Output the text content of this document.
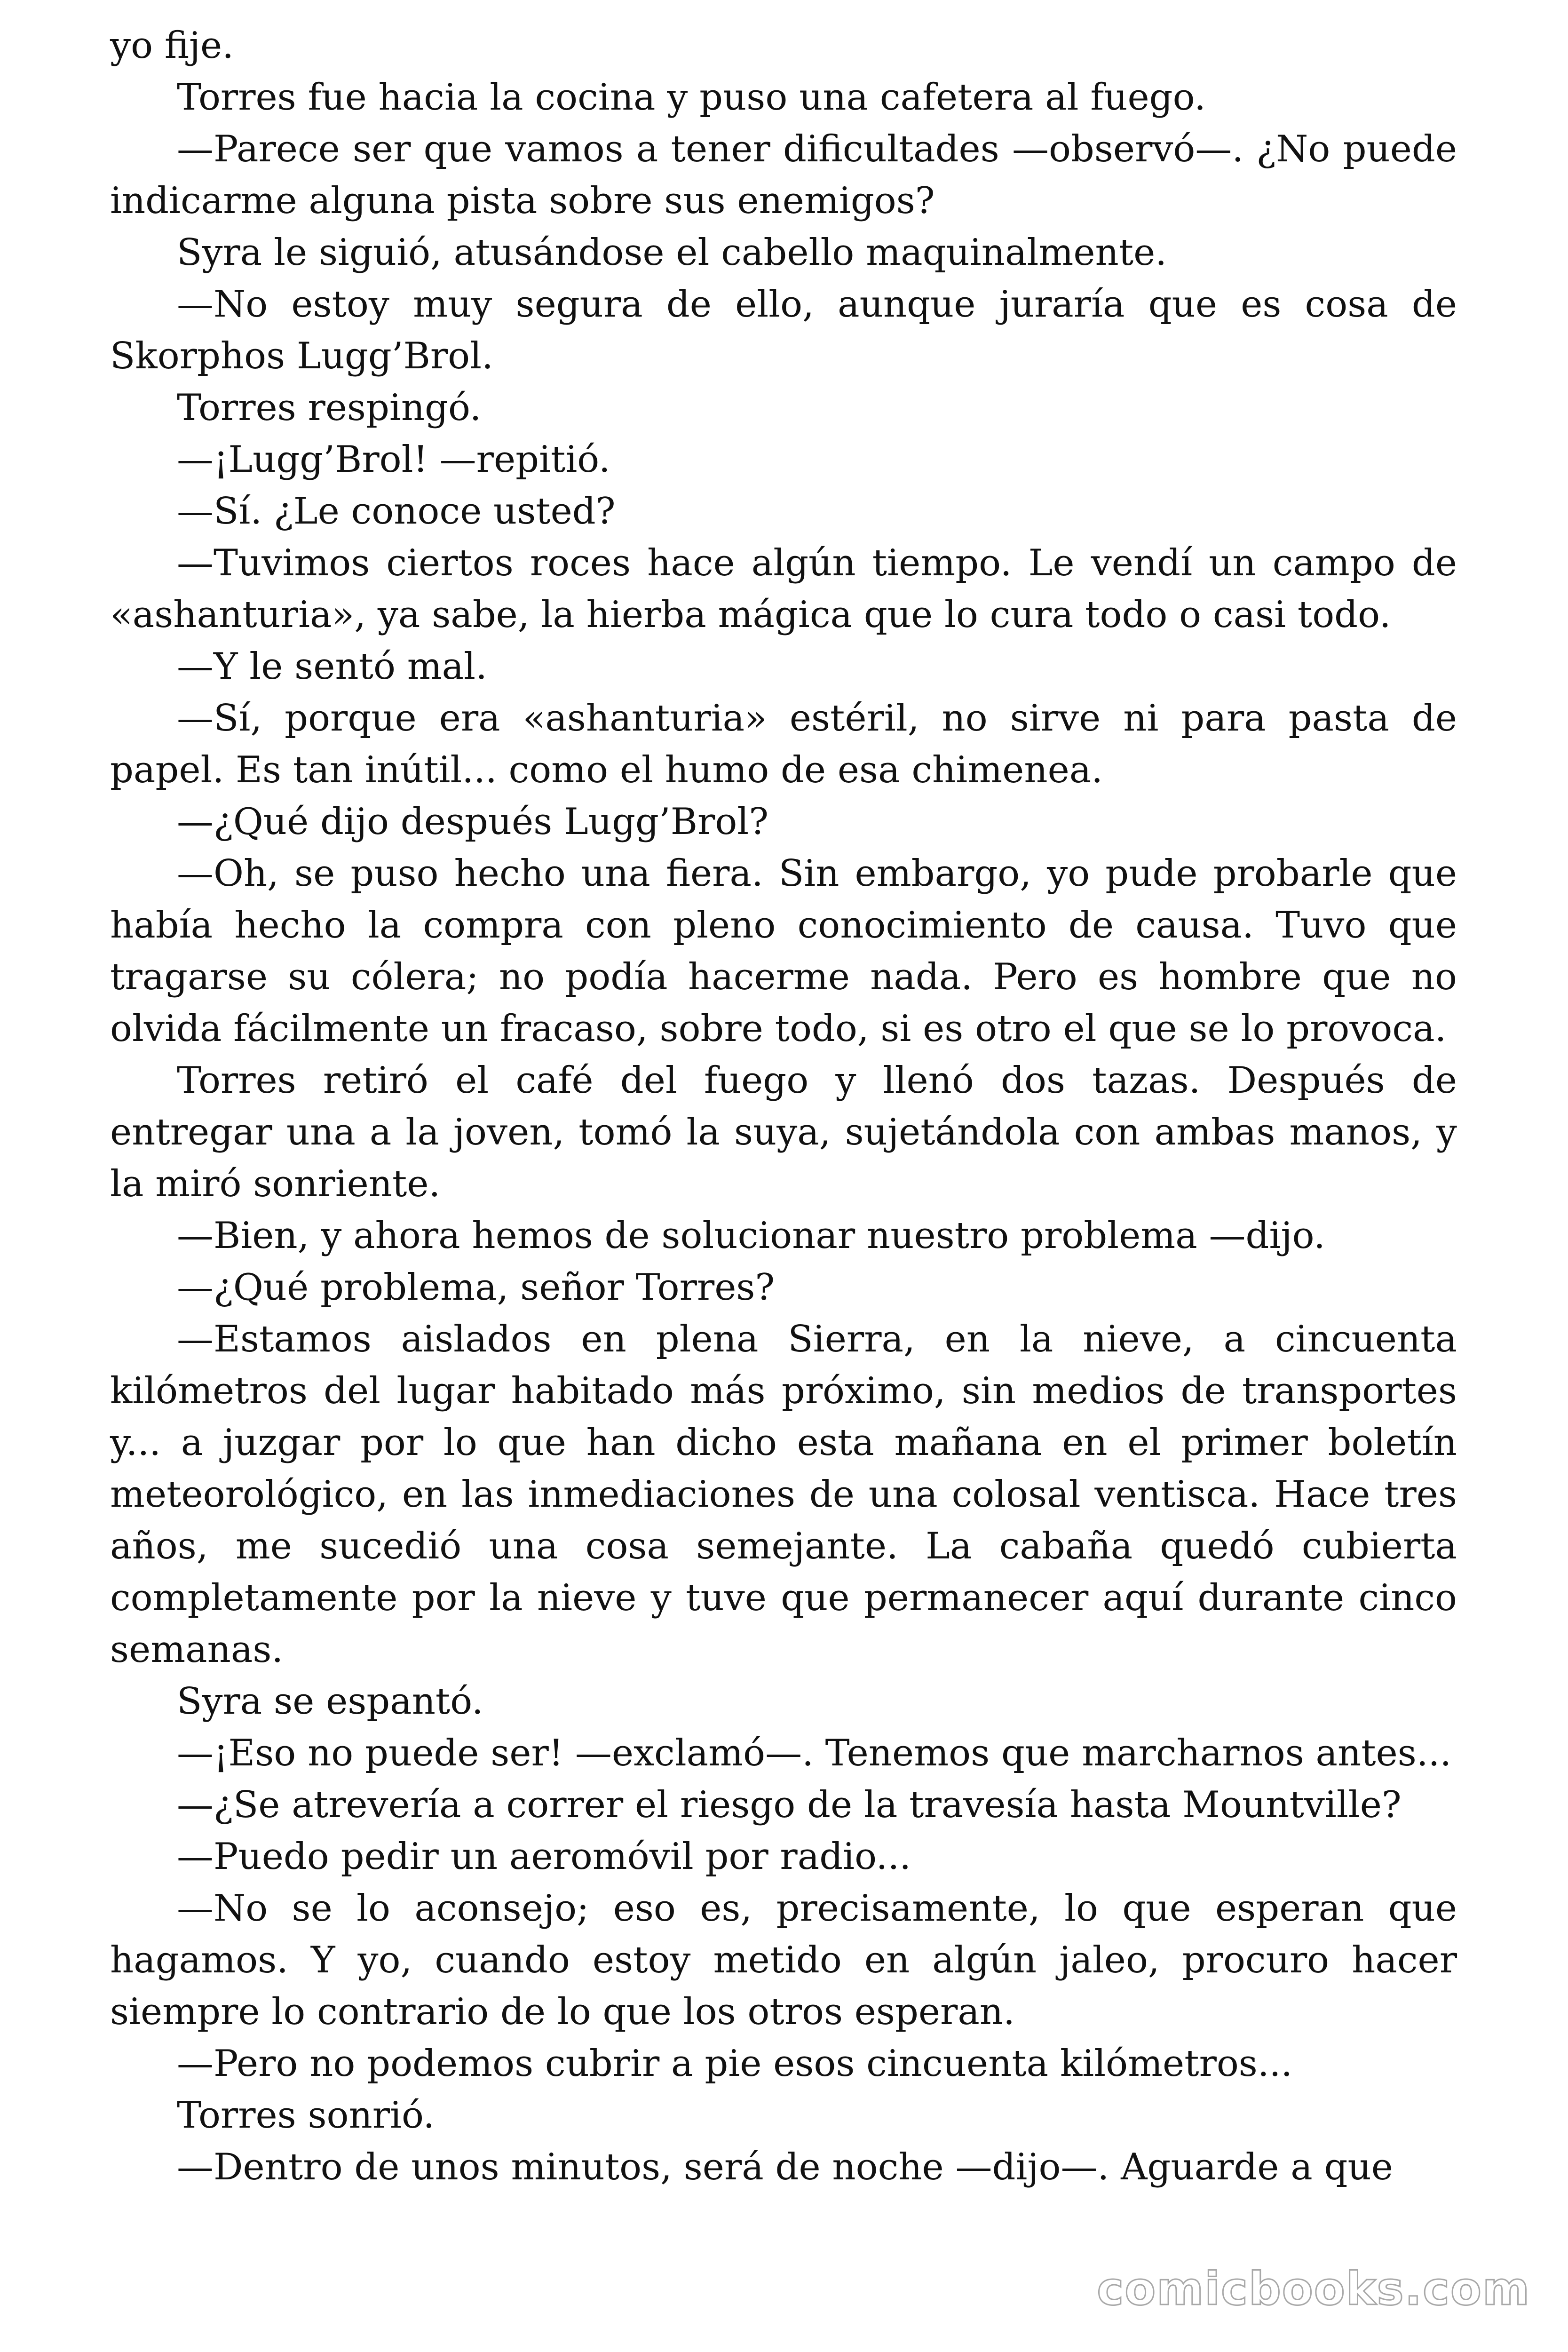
yo fije.

Torres fue hacia la cocina y puso una cafetera al fuego.

—Parece ser que vamos a tener dificultades —observó—. ¿No puede indicarme alguna pista sobre sus enemigos?

Syra le siguió, atusándose el cabello maquinalmente.

—No estoy muy segura de ello, aunque juraría que es cosa de Skorphos Lugg’Brol.

Torres respingó.

—¡Lugg’Brol! —repitió.

—Sí. ¿Le conoce usted?

—Tuvimos ciertos roces hace algún tiempo. Le vendí un campo de «ashanturia», ya sabe, la hierba mágica que lo cura todo o casi todo.

—Y le sentó mal.

—Sí, porque era «ashanturia» estéril, no sirve ni para pasta de papel. Es tan inútil... como el humo de esa chimenea.

—¿Qué dijo después Lugg’Brol?

—Oh, se puso hecho una fiera. Sin embargo, yo pude probarle que había hecho la compra con pleno conocimiento de causa. Tuvo que tragarse su cólera; no podía hacerme nada. Pero es hombre que no olvida fácilmente un fracaso, sobre todo, si es otro el que se lo provoca.

Torres retiró el café del fuego y llenó dos tazas. Después de entregar una a la joven, tomó la suya, sujetándola con ambas manos, y la miró sonriente.

—Bien, y ahora hemos de solucionar nuestro problema —dijo.

—¿Qué problema, señor Torres?

—Estamos aislados en plena Sierra, en la nieve, a cincuenta kilómetros del lugar habitado más próximo, sin medios de transportes y... a juzgar por lo que han dicho esta mañana en el primer boletín meteorológico, en las inmediaciones de una colosal ventisca. Hace tres años, me sucedió una cosa semejante. La cabaña quedó cubierta completamente por la nieve y tuve que permanecer aquí durante cinco semanas.

Syra se espantó.

—¡Eso no puede ser! —exclamó—. Tenemos que marcharnos antes...

—¿Se atrevería a correr el riesgo de la travesía hasta Mountville?

—Puedo pedir un aeromóvil por radio...

—No se lo aconsejo; eso es, precisamente, lo que esperan que hagamos. Y yo, cuando estoy metido en algún jaleo, procuro hacer siempre lo contrario de lo que los otros esperan.

—Pero no podemos cubrir a pie esos cincuenta kilómetros...

Torres sonrió.

—Dentro de unos minutos, será de noche —dijo—. Aguarde a que

comicbooks.com
